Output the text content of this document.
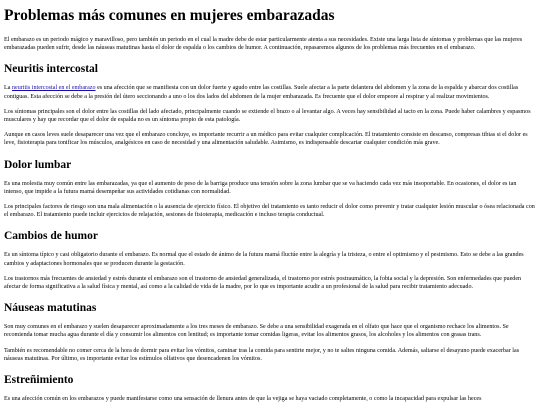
Problemas más comunes en mujeres embarazadas

El embarazo es un periodo mágico y maravilloso, pero también un periodo en el cual la madre debe de estar particularmente atenta a sus necesidades. Existe una larga lista de síntomas y problemas que las mujeres embarazadas pueden sufrir, desde las náuseas matutinas hasta el dolor de espalda o los cambios de humor. A continuación, repasaremos algunos de los problemas más frecuentes en el embarazo.

Neuritis intercostal

La neuritis intercostal en el embarazo es una afección que se manifiesta con un dolor fuerte y agudo entre las costillas. Suele afectar a la parte delantera del abdomen y la zona de la espalda y abarcar dos costillas contiguas. Esta afección se debe a la presión del útero seccionando a uno o los dos lados del abdomen de la mujer embarazada. Es frecuente que el dolor empeore al respirar y al realizar movimientos.

Los síntomas principales son el dolor entre las costillas del lado afectado, principalmente cuando se extiende el brazo o al levantar algo. A veces hay sensibilidad al tacto en la zona. Puede haber calambres y espasmos musculares y hay que recordar que el dolor de espalda no es un síntoma propio de esta patología.

Aunque en casos leves suele desaparecer una vez que el embarazo concluye, es importante recurrir a un médico para evitar cualquier complicación. El tratamiento consiste en descanso, compresas tibias si el dolor es leve, fisioterapia para tonificar los músculos, analgésicos en caso de necesidad y una alimentación saludable. Asimismo, es indispensable descartar cualquier condición más grave.

Dolor lumbar

Es una molestia muy común entre las embarazadas, ya que el aumento de peso de la barriga produce una tensión sobre la zona lumbar que se va haciendo cada vez más insoportable. En ocasiones, el dolor es tan intenso, que impide a la futura mamá desempeñar sus actividades cotidianas con normalidad.

Los principales factores de riesgo son una mala alimentación o la ausencia de ejercicio físico. El objetivo del tratamiento es tanto reducir el dolor como prevenir y tratar cualquier lesión muscular o ósea relacionada con el embarazo. El tratamiento puede incluir ejercicios de relajación, sesiones de fisioterapia, medicación e incluso terapia conductual.

Cambios de humor

Es un síntoma típico y casi obligatorio durante el embarazo. Es normal que el estado de ánimo de la futura mamá fluctúe entre la alegría y la tristeza, o entre el optimismo y el pesimismo. Esto se debe a las grandes cambios y adaptaciones hormonales que se producen durante la gestación.

Los trastornos más frecuentes de ansiedad y estrés durante el embarazo son el trastorno de ansiedad generalizada, el trastorno por estrés postraumático, la fobia social y la depresión. Son enfermedades que pueden afectar de forma significativa a la salud física y mental, así como a la calidad de vida de la madre, por lo que es importante acudir a un profesional de la salud para recibir tratamiento adecuado.

Náuseas matutinas

Son muy comunes en el embarazo y suelen desaparecer aproximadamente a los tres meses de embarazo. Se debe a una sensibilidad exagerada en el olfato que hace que el organismo rechace los alimentos. Se recomienda tomar mucha agua durante el día y consumir los alimentos con lentitud; es importante tomar comidas ligeras, evitar los alimentos grasos, los alcoholes y los alimentos con grasas trans.

También es recomendable no comer cerca de la hora de dormir para evitar los vómitos, caminar tras la comida para sentirte mejor, y no te saltes ninguna comida. Además, saltarse el desayuno puede exacerbar las náuseas matutinas. Por último, es importante evitar los estímulos olfativos que desencadenen los vómitos.

Estreñimiento

Es una afección común en los embarazos y puede manifestarse como una sensación de llenura antes de que la vejiga se haya vaciado completamente, o como la incapacidad para expulsar las heces
